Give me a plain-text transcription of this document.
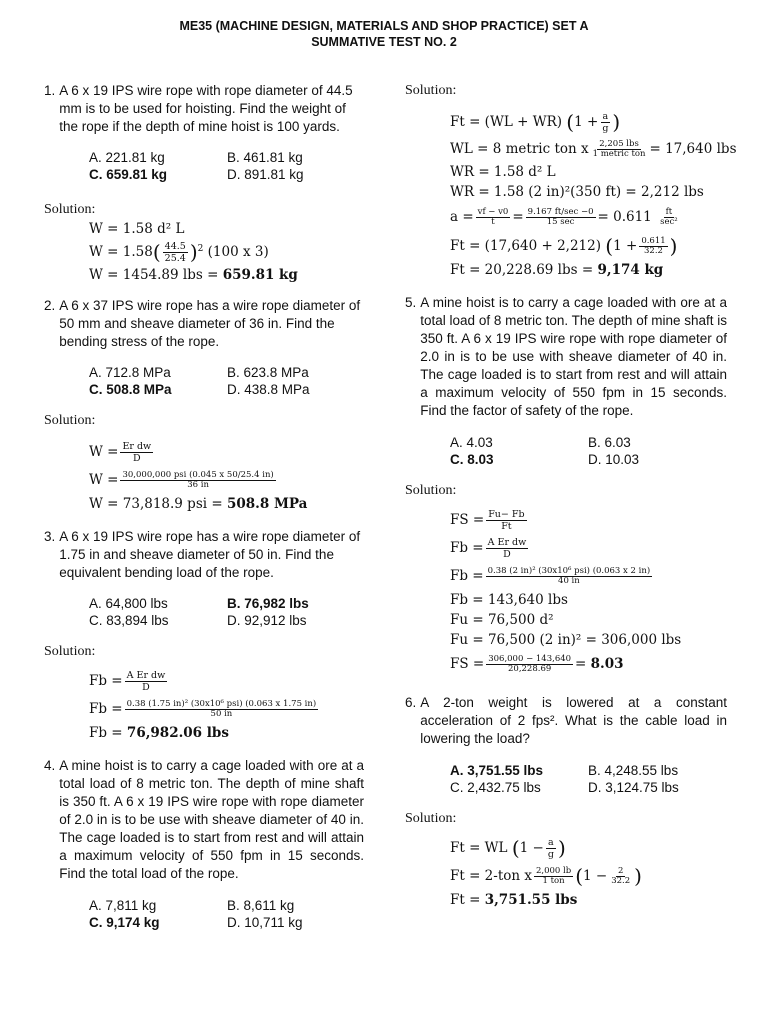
ME35 (MACHINE DESIGN, MATERIALS AND SHOP PRACTICE) SET A
SUMMATIVE TEST NO. 2
1. A 6 x 19 IPS wire rope with rope diameter of 44.5 mm is to be used for hoisting. Find the weight of the rope if the depth of mine hoist is 100 yards.
A. 221.81 kg	B. 461.81 kg
C. 659.81 kg	D. 891.81 kg
Solution:
W = 1.58 d² L
W = 1.58 ( $\frac{44.5}{25.4} )^2$
(100 x 3)
W = 1454.89 lbs =
659.81 kg
2. A 6 x 37 IPS wire rope has a wire rope diameter of 50 mm and sheave diameter of 36 in. Find the bending stress of the rope.
A. 712.8 MPa	B. 623.8 MPa
C. 508.8 MPa	D. 438.8 MPa
Solution:
$W = \frac{\text{Er dw}}{D}$
$W = \frac{\text{30,000,000 psi (0.045 x 50/25.4 in)}}{36 in}$
W = 73,818.9 psi =
508.8 MPa
3. A 6 x 19 IPS wire rope has a wire rope diameter of 1.75 in and sheave diameter of 50 in. Find the equivalent bending load of the rope.
A. 64,800 lbs	B. 76,982 lbs
C. 83,894 lbs	D. 92,912 lbs
Solution:
$Fb = \frac{\text{A Er dw}}{D}$
$Fb = \frac{\text{0.38 (1.75 in)² (30x10⁶ psi) (0.063 x 1.75 in)}}{50 in}$
Fb =
76,982.06 lbs
4. A mine hoist is to carry a cage loaded with ore at a total load of 8 metric ton. The depth of mine shaft is 350 ft. A 6 x 19 IPS wire rope with rope diameter of 2.0 in is to be use with sheave diameter of 40 in. The cage loaded is to start from rest and will attain a maximum velocity of 550 fpm in 15 seconds. Find the total load of the rope.
A. 7,811 kg	B. 8,611 kg
C. 9,174 kg	D. 10,711 kg
Solution:
Ft = (WL + WR)
( $1 + \frac{a}{g}$ )
WL = 8 metric ton x $\frac{\text{2,205 lbs}}{\text{1 metric ton}} = 17,640$ lbs
WR = 1.58 d² L
WR = 1.58 (2 in)²(350 ft) = 2,212 lbs
$a = \frac{vf - v0}{t} = \frac{9.167 ft/\sec -0}{15 \sec} = 0.611$
$\frac{ft}{\text{sec²}}$
Ft = (17,640 + 2,212)
( $1 + \frac{0.611}{32.2}$ )
Ft = 20,228.69 lbs =
9,174 kg
5. A mine hoist is to carry a cage loaded with ore at a total load of 8 metric ton. The depth of mine shaft is 350 ft. A 6 x 19 IPS wire rope with rope diameter of 2.0 in is to be use with sheave diameter of 40 in. The cage loaded is to start from rest and will attain a maximum velocity of 550 fpm in 15 seconds. Find the factor of safety of the rope.
A. 4.03	B. 6.03
C. 8.03	D. 10.03
Solution:
FS = $\frac{Fu- Fb}{Ft}$
$Fb = \frac{\text{A Er dw}}{D}$
$Fb = \frac{\text{0.38 (2 in)² (30x10⁶ psi) (0.063 x 2 in)}}{40 in}$
Fb = 143,640 lbs
Fu = 76,500 d²
Fu = 76,500 (2 in)² = 306,000 lbs
FS = $\frac{306,000 - 143,640}{20,228.69}$ =
8.03
6. A 2-ton weight is lowered at a constant acceleration of 2 fps². What is the cable load in lowering the load?
A. 3,751.55 lbs	B. 4,248.55 lbs
C. 2,432.75 lbs	D. 3,124.75 lbs
Solution:
Ft = WL
( $1 - \frac{a}{g}$ )
Ft = 2-ton x $\frac{2,000 lb}{\text{1 ton}}$ ( $1 - \frac{2}{32.2}$ )
Ft =
3,751.55 lbs
